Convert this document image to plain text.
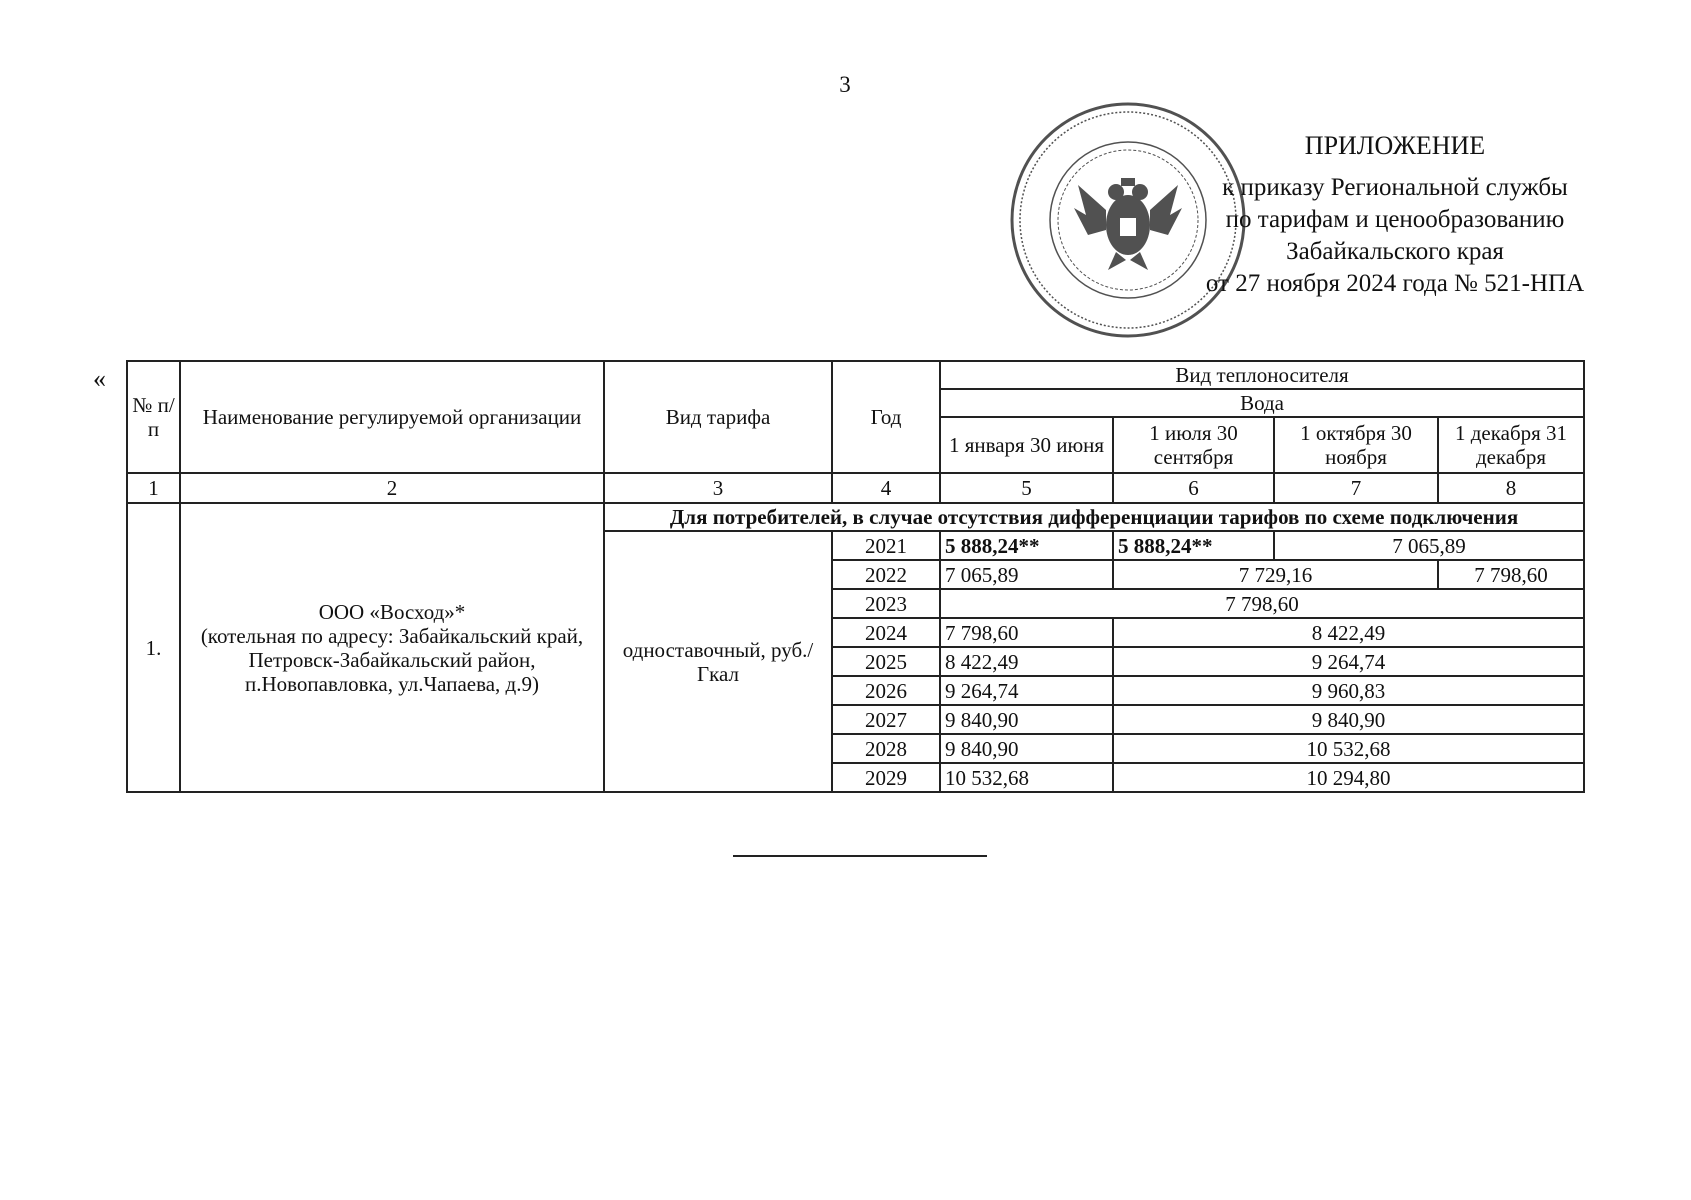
3
ПРИЛОЖЕНИЕ
к приказу Региональной службы
по тарифам и ценообразованию
Забайкальского края
от 27 ноября 2024 года № 521-НПА
«
№ п/п	Наименование регулируемой организации	Вид тарифа	Год	Вид теплоносителя			
				Вода			
				1 января 30 июня	1 июля 30 сентября	1 октября 30 ноября	1 декабря 31 декабря
1	2	3	4	5	6	7	8
1.	ООО «Восход»*
(котельная по адресу: Забайкальский край, Петровск-Забайкальский район, п.Новопавловка, ул.Чапаева, д.9)	Для потребителей, в случае отсутствия дифференциации тарифов по схеме подключения					
		одноставочный, руб./Гкал	2021	5 888,24**	5 888,24**	7 065,89	
			2022	7 065,89	7 729,16		7 798,60
			2023	7 798,60			
			2024	7 798,60	8 422,49		
			2025	8 422,49	9 264,74		
			2026	9 264,74	9 960,83		
			2027	9 840,90	9 840,90		
			2028	9 840,90	10 532,68		
			2029	10 532,68	10 294,80		
